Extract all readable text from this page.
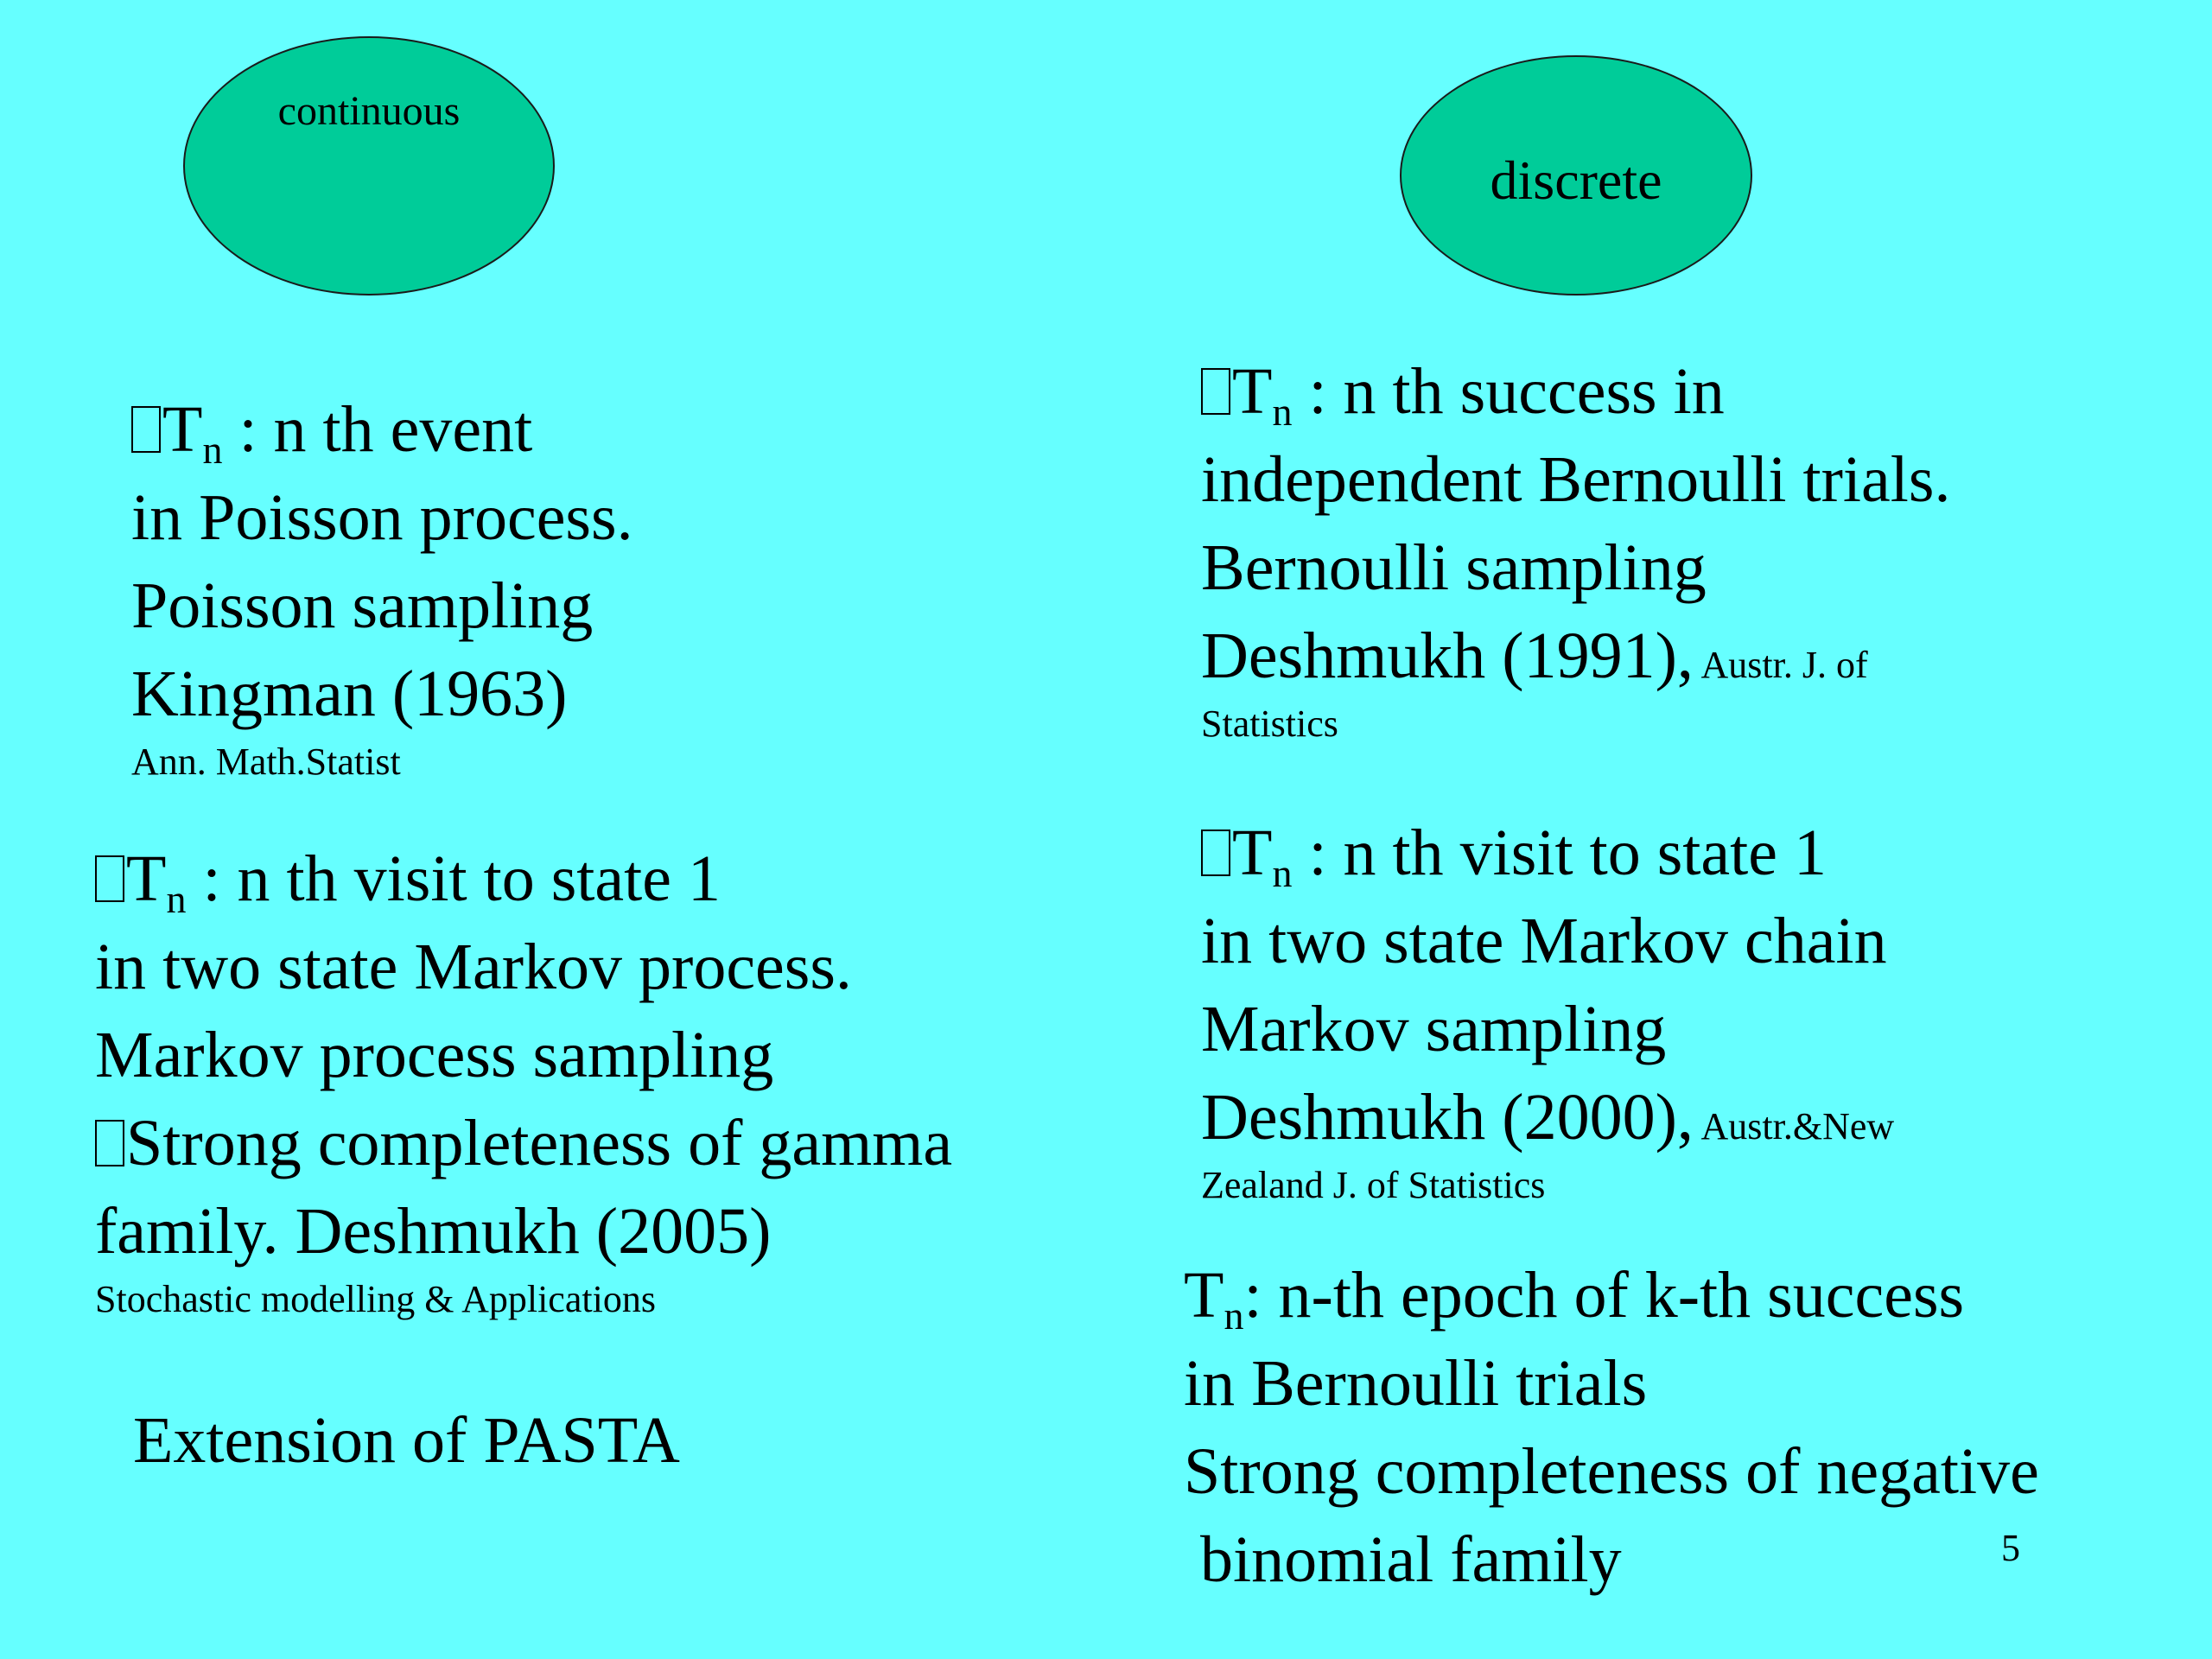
continuous
discrete
$T_n$ : n th event
in Poisson process.
Poisson sampling
Kingman (1963)
Ann. Math.Statist
$T_n$ : n th visit to state 1
in two state Markov process.
Markov process sampling
Strong completeness of gamma
family. Deshmukh (2005)
Stochastic modelling & Applications
Extension of PASTA
$T_n$ : n th success in
independent Bernoulli trials.
Bernoulli sampling
Deshmukh (1991), Austr. J. of
Statistics
$T_n$ : n th visit to state 1
in two state Markov chain
Markov sampling
Deshmukh (2000), Austr.&New
Zealand J. of Statistics
$T_n$: n-th epoch of k-th success
in Bernoulli trials
Strong completeness of negative
binomial family	5
